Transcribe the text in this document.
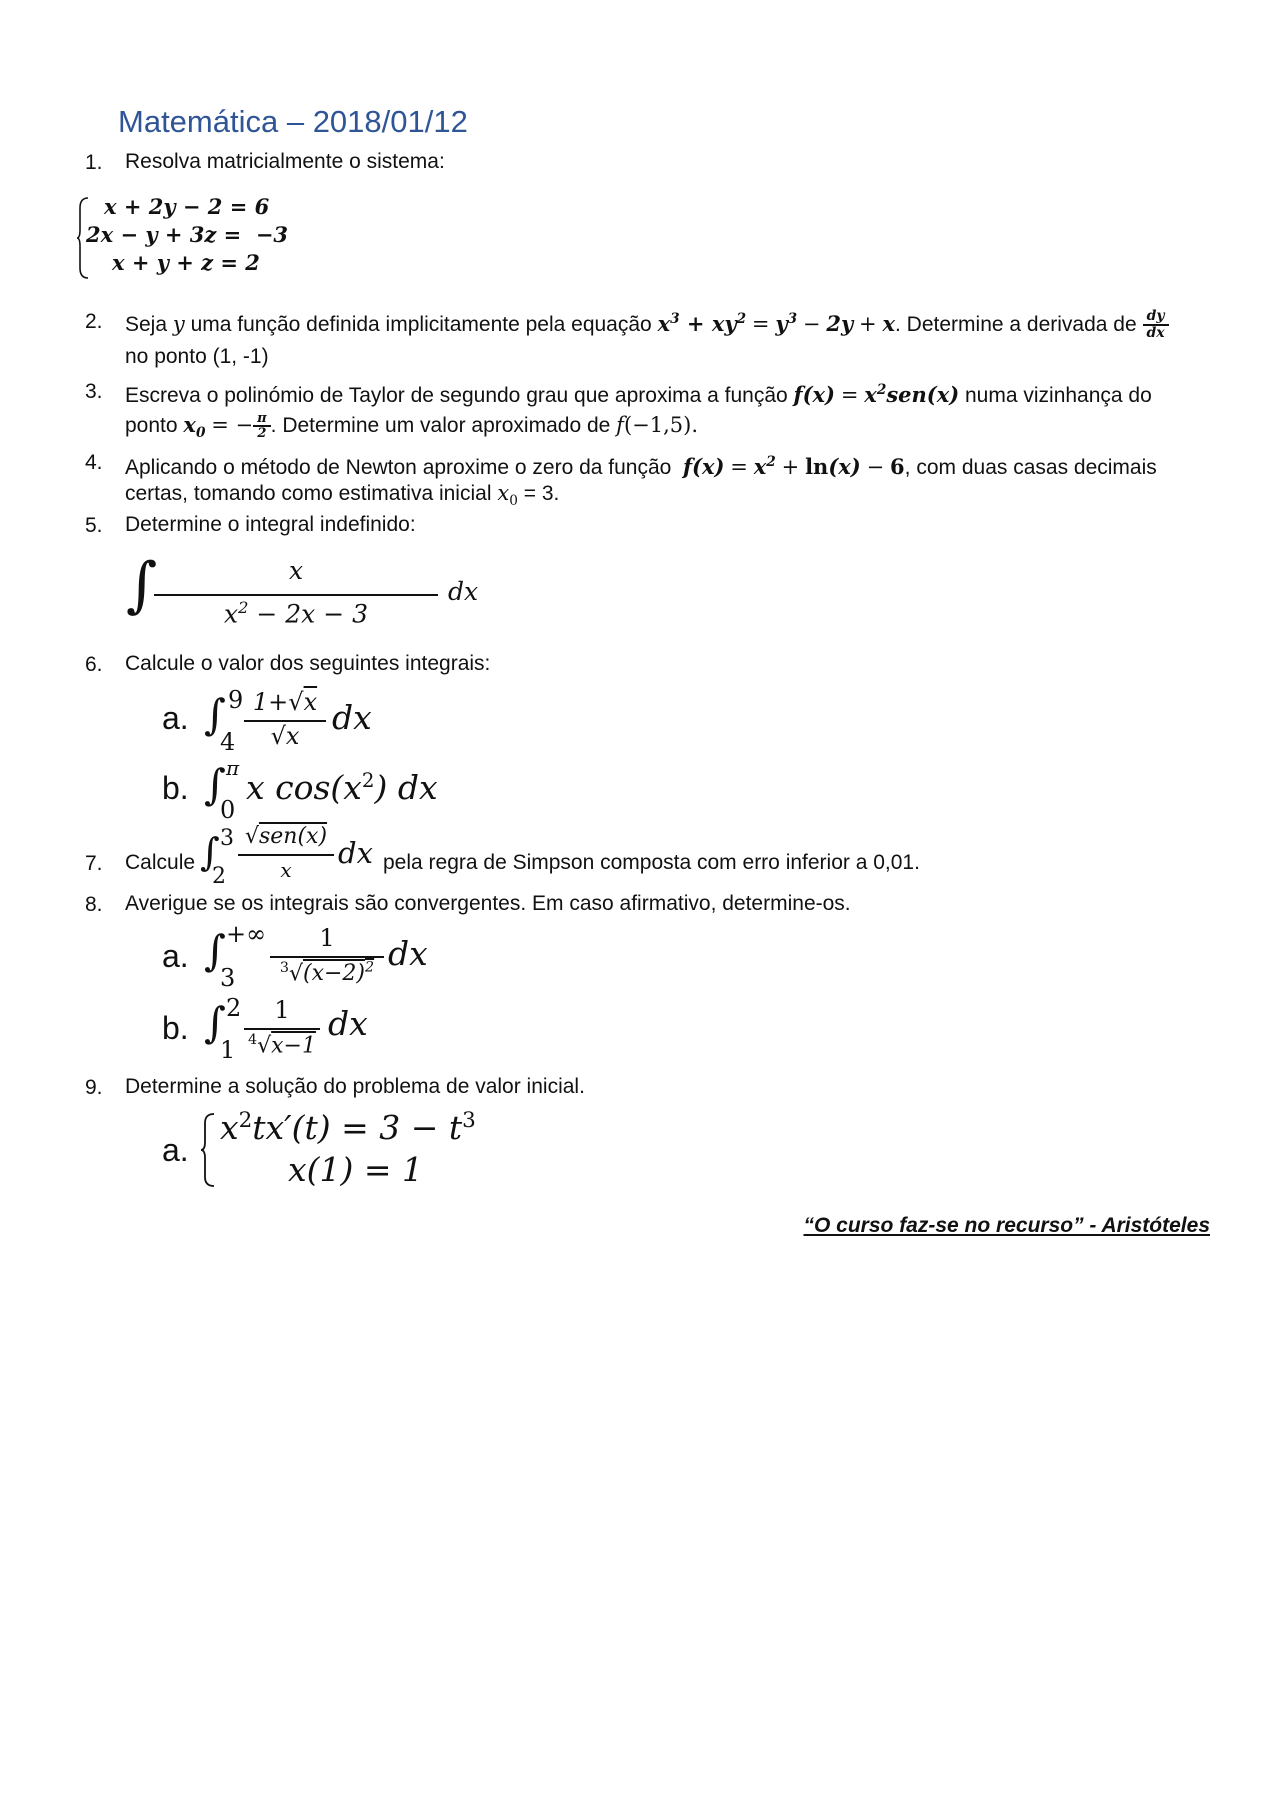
Matemática – 2018/01/12
1. Resolva matricialmente o sistema:
x + 2y − 2 = 6
2x − y + 3z =  −3
x + y + z = 2
2. Seja y uma função definida implicitamente pela equação $x^3 + xy^2 = y^3 - 2y + x$. Determine a derivada de $\frac{dy}{dx}$
no ponto (1, -1)
3. Escreva o polinómio de Taylor de segundo grau que aproxima a função $f(x) = x^2sen(x)$ numa vizinhança do
ponto $x_0$ = − $\frac{\pi}{2}$ . Determine um valor aproximado de f(−1,5).
4. Aplicando o método de Newton aproxime o zero da função $f(x) = x^2 + \ln(x) - 6$, com duas casas decimais
certas, tomando como estimativa inicial $x_0 = 3$.
5. Determine o integral indefinido:
∫	x
$x^2 - 2x - 3$
dx
6. Calcule o valor dos seguintes integrais:
a. ∫ 9
4
1+√x
√x dx
b. ∫ π
0
x $\cos(x^2)$ dx
7. Calcule ∫ 3
2
√sen(x)
x	dx pela regra de Simpson composta com erro inferior a 0,01.
8. Averigue se os integrais são convergentes. Em caso afirmativo, determine-os.
a. ∫ +∞
3
1
$^3√(x-2)^2$ dx
b. ∫ 2
1
1
$^4$√x−1
dx
9. Determine a solução do problema de valor inicial.
a.
$x^2tx'(t) = 3 - t^3$
x(1) = 1
“O curso faz-se no recurso” - Aristóteles
